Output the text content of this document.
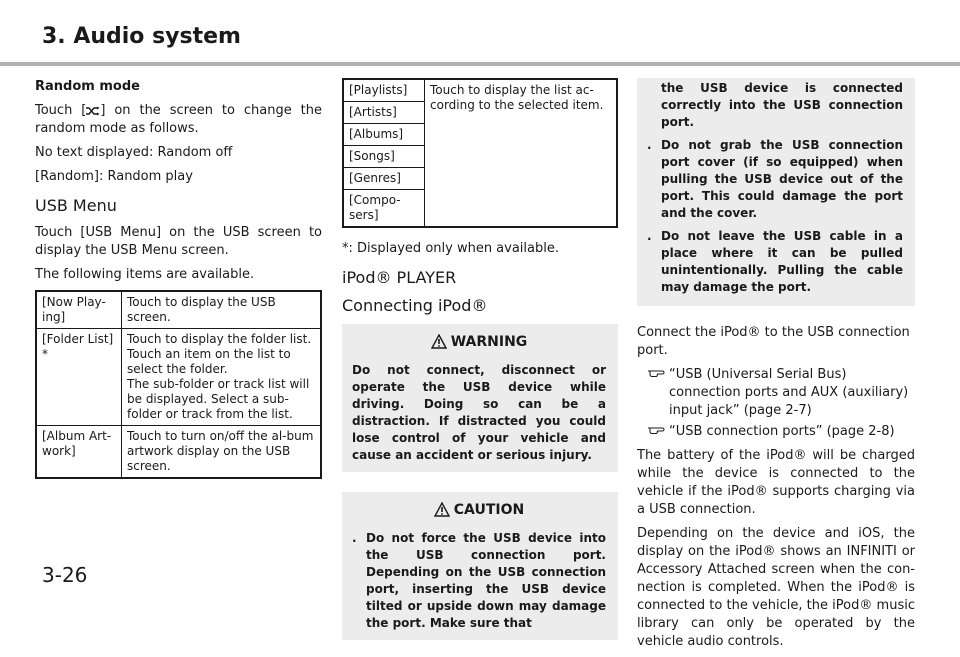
3. Audio system

Random mode

Touch [ ] on the screen to change the random mode as follows.

No text displayed: Random off

[Random]: Random play

USB Menu

Touch [USB Menu] on the USB screen to display the USB Menu screen.

The following items are available.

[Now Play-ing]	Touch to display the USB screen.
[Folder List] *	Touch to display the folder list. Touch an item on the list to select the folder.
The sub-folder or track list will be displayed. Select a sub-folder or track from the list.

[Album Art-work]	Touch to turn on/off the al-bum artwork display on the USB screen.
[Playlists]	Touch to display the list ac-cording to the selected item.
[Artists]
[Albums]
[Songs]
[Genres]
[Compo-sers]

*: Displayed only when available.

iPod® PLAYER
Connecting iPod®
WARNING
Do not connect, disconnect or operate the USB device while driving. Doing so can be a distraction. If distracted you could lose control of your vehicle and cause an accident or serious injury.
CAUTION
. Do not force the USB device into the USB connection port. Depending on the USB connection port, inserting the USB device tilted or upside down may damage the port. Make sure that
the USB device is connected correctly into the USB connection port.
. Do not grab the USB connection port cover (if so equipped) when pulling the USB device out of the port. This could damage the port and the cover.
. Do not leave the USB cable in a place where it can be pulled unintentionally. Pulling the cable may damage the port.

Connect the iPod® to the USB connection port.

“USB (Universal Serial Bus) connection ports and AUX (auxiliary) input jack” (page 2-7)
“USB connection ports” (page 2-8)

The battery of the iPod® will be charged while the device is connected to the vehicle if the iPod® supports charging via a USB connection.

Depending on the device and iOS, the display on the iPod® shows an INFINITI or Accessory Attached screen when the con-nection is completed. When the iPod® is connected to the vehicle, the iPod® music library can only be operated by the vehicle audio controls.

3-26
